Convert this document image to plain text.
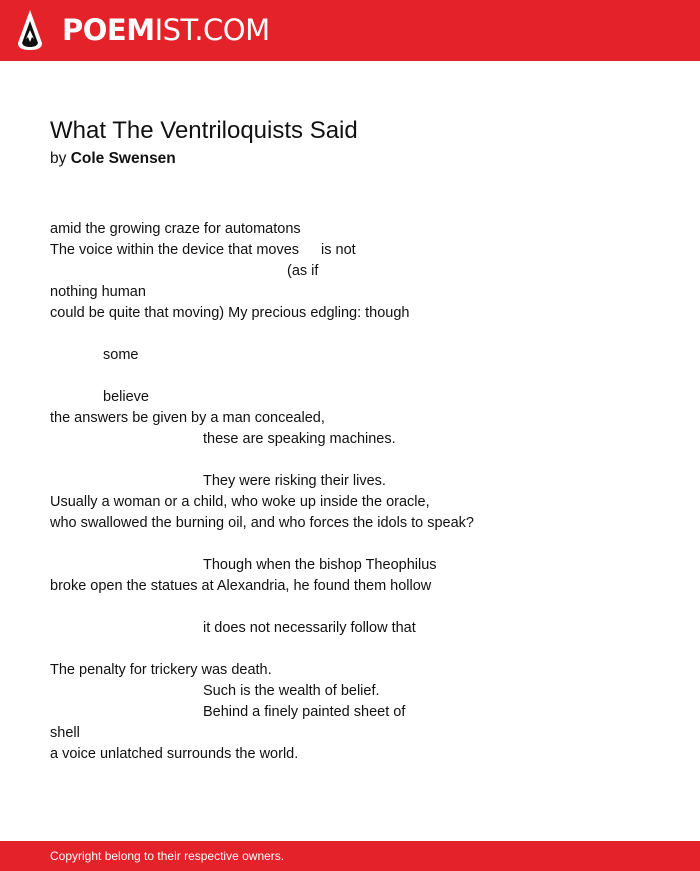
POEMIST.COM
What The Ventriloquists Said
by Cole Swensen
amid the growing craze for automatons
The voice within the device that moves is not
(as if
nothing human
could be quite that moving) My precious edgling: though
some
believe
the answers be given by a man concealed,
these are speaking machines.
They were risking their lives.
Usually a woman or a child, who woke up inside the oracle,
who swallowed the burning oil, and who forces the idols to speak?
Though when the bishop Theophilus
broke open the statues at Alexandria, he found them hollow
it does not necessarily follow that
The penalty for trickery was death.
Such is the wealth of belief.
Behind a finely painted sheet of
shell
a voice unlatched surrounds the world.
Copyright belong to their respective owners.
